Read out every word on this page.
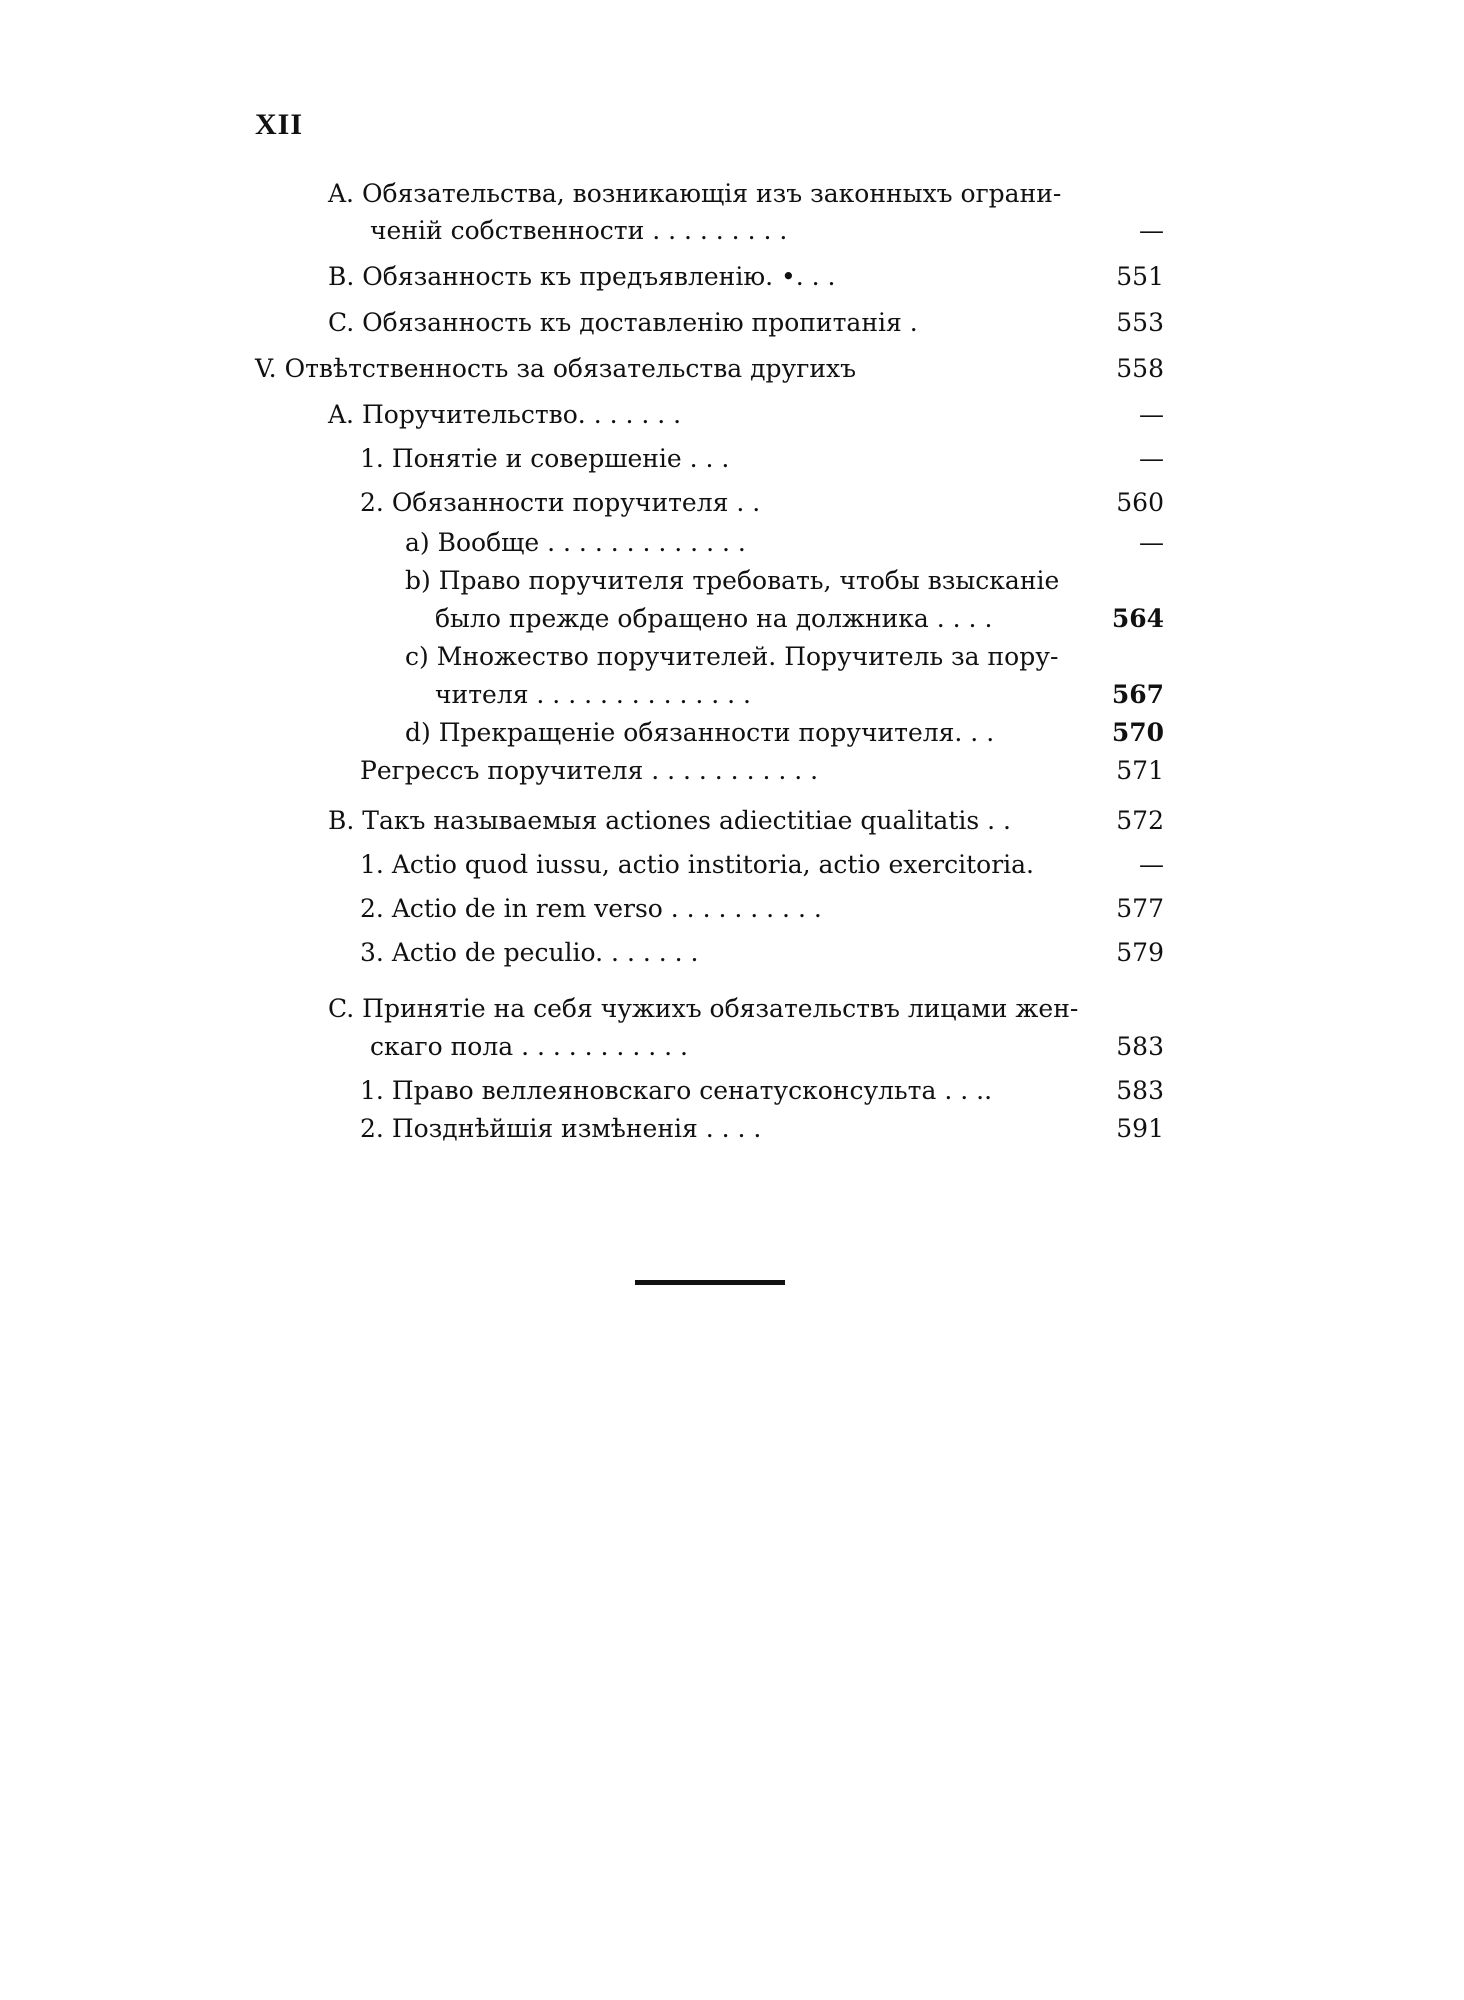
XII
A. Обязательства, возникающія изъ законныхъ ограни-
ченій собственности . . . . . . . . .	—
B. Обязанность къ предъявленію. •. . .	551
C. Обязанность къ доставленію пропитанія .	553
V. Отвѣтственность за обязательства другихъ	558
A. Поручительство. . . . . . .	—
1. Понятіе и совершеніе . . .	—
2. Обязанности поручителя . .	560
a) Вообще . . . . . . . . . . . . .	—
b) Право поручителя требовать, чтобы взысканіе
было прежде обращено на должника . . . .	564
c) Множество поручителей. Поручитель за пору-
чителя . . . . . . . . . . . . . .	567
d) Прекращеніе обязанности поручителя. . .	570
Регрессъ поручителя . . . . . . . . . . .	571
B. Такъ называемыя actiones adiectitiae qualitatis . .	572
1. Actio quod iussu, actio institoria, actio exercitoria.	—
2. Actio de in rem verso . . . . . . . . . .	577
3. Actio de peculio. . . . . . .	579
C. Принятіе на себя чужихъ обязательствъ лицами жен-
скаго пола . . . . . . . . . . .	583
1. Право веллеяновскаго сенатусконсульта . . ..	583
2. Позднѣйшія измѣненія . . . .	591
